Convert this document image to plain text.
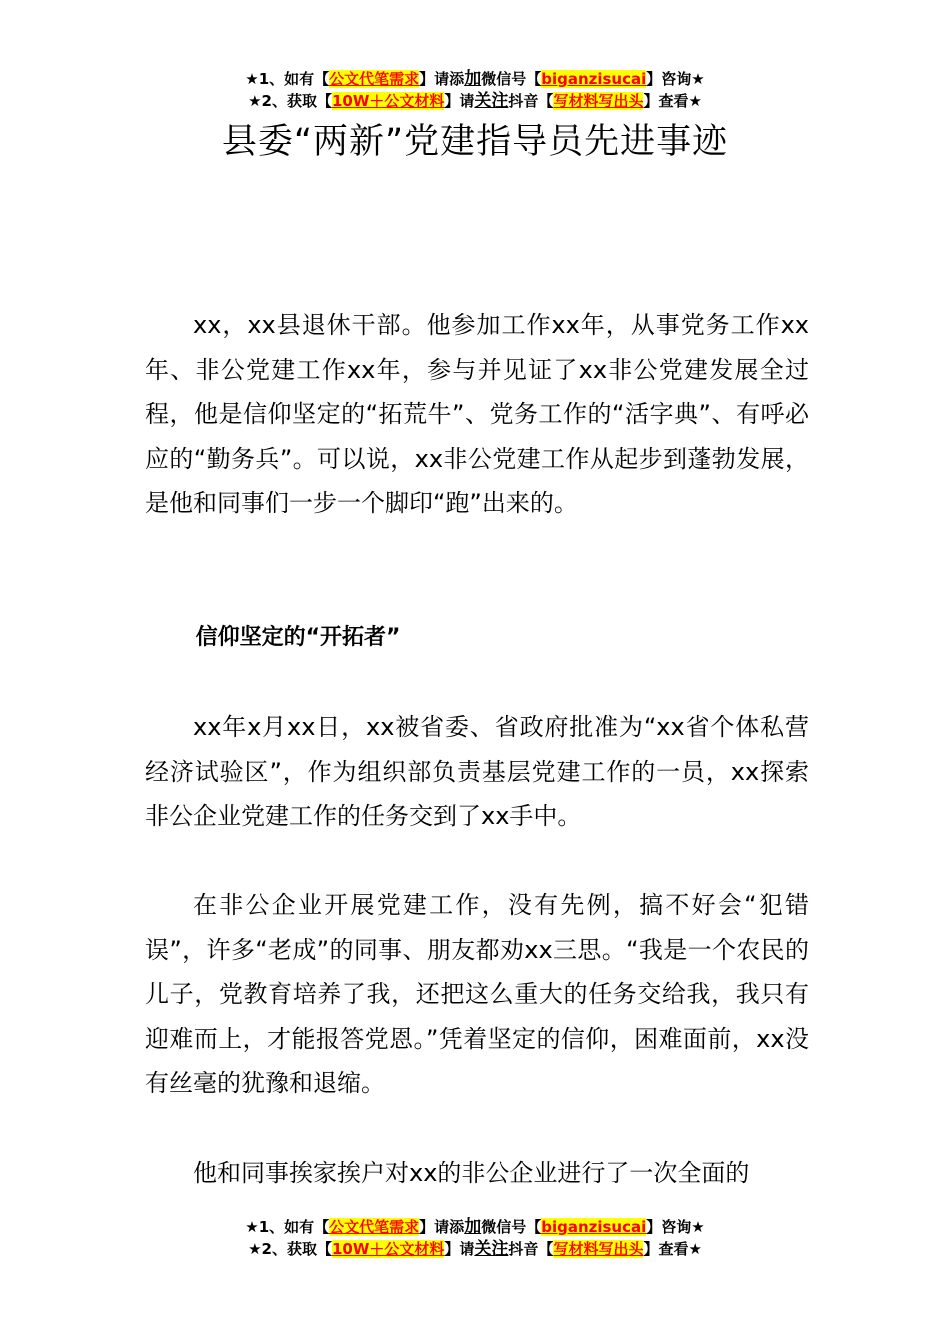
★1、如有【公文代笔需求】请添加微信号【biganzisucai】咨询★
★2、获取【10W＋公文材料】请关注抖音【写材料写出头】查看★
县委“两新”党建指导员先进事迹

xx，xx县退休干部。他参加工作xx年，从事党务工作xx年、非公党建工作xx年，参与并见证了xx非公党建发展全过程，他是信仰坚定的“拓荒牛”、党务工作的“活字典”、有呼必应的“勤务兵”。可以说，xx非公党建工作从起步到蓬勃发展，是他和同事们一步一个脚印“跑”出来的。

信仰坚定的“开拓者”

xx年x月xx日，xx被省委、省政府批准为“xx省个体私营经济试验区”，作为组织部负责基层党建工作的一员，xx探索非公企业党建工作的任务交到了xx手中。

在非公企业开展党建工作，没有先例，搞不好会“犯错误”，许多“老成”的同事、朋友都劝xx三思。“我是一个农民的儿子，党教育培养了我，还把这么重大的任务交给我，我只有迎难而上，才能报答党恩。”凭着坚定的信仰，困难面前，xx没有丝毫的犹豫和退缩。

他和同事挨家挨户对xx的非公企业进行了一次全面的

★1、如有【公文代笔需求】请添加微信号【biganzisucai】咨询★
★2、获取【10W＋公文材料】请关注抖音【写材料写出头】查看★
